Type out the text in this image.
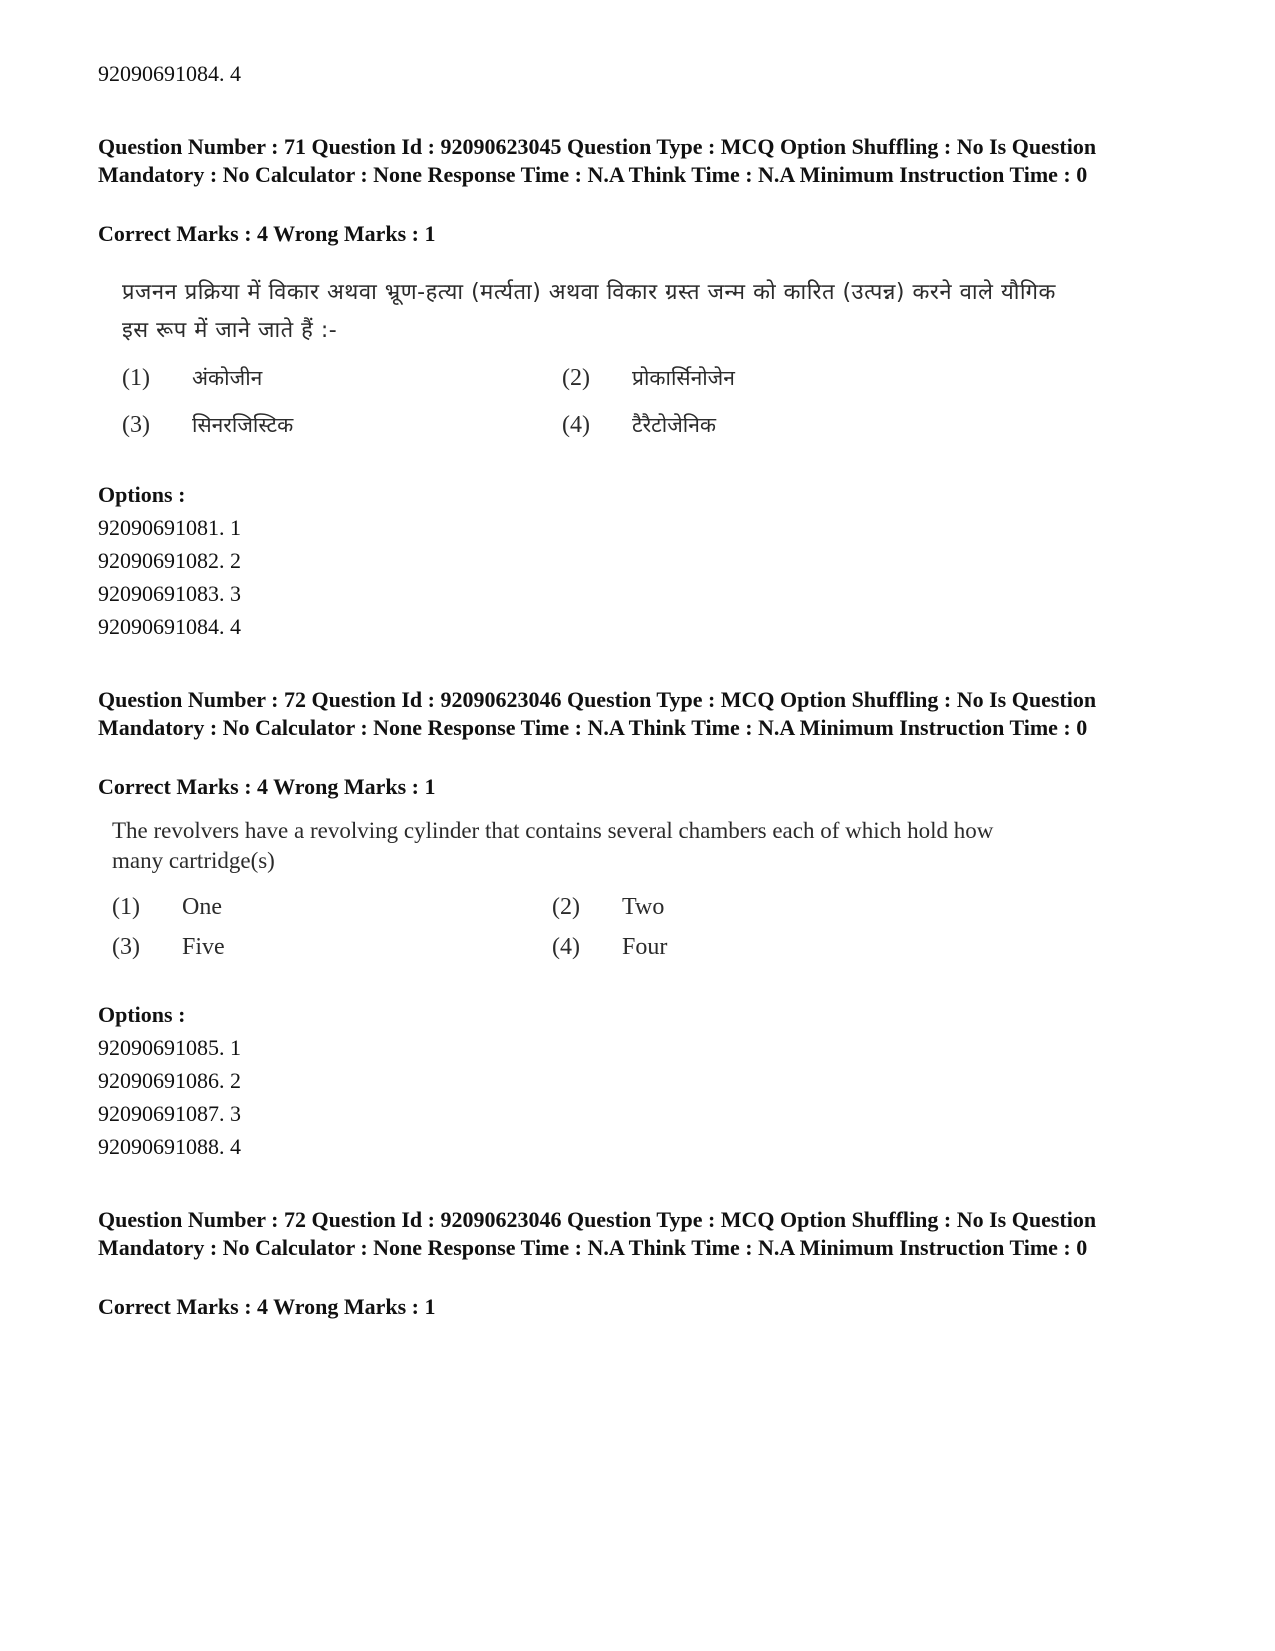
92090691084. 4
Question Number : 71 Question Id : 92090623045 Question Type : MCQ Option Shuffling : No Is Question Mandatory : No Calculator : None Response Time : N.A Think Time : N.A Minimum Instruction Time : 0
Correct Marks : 4 Wrong Marks : 1
प्रजनन प्रक्रिया में विकार अथवा भ्रूण-हत्या (मर्त्यता) अथवा विकार ग्रस्त जन्म को कारित (उत्पन्न) करने वाले यौगिक इस रूप में जाने जाते हैं :-
(1) अंकोजीन	(2) प्रोकार्सिनोजेन
(3) सिनरजिस्टिक	(4) टैरैटोजेनिक
Options :
92090691081. 1
92090691082. 2
92090691083. 3
92090691084. 4
Question Number : 72 Question Id : 92090623046 Question Type : MCQ Option Shuffling : No Is Question Mandatory : No Calculator : None Response Time : N.A Think Time : N.A Minimum Instruction Time : 0
Correct Marks : 4 Wrong Marks : 1
The revolvers have a revolving cylinder that contains several chambers each of which hold how many cartridge(s)
(1) One	(2) Two
(3) Five	(4) Four
Options :
92090691085. 1
92090691086. 2
92090691087. 3
92090691088. 4
Question Number : 72 Question Id : 92090623046 Question Type : MCQ Option Shuffling : No Is Question Mandatory : No Calculator : None Response Time : N.A Think Time : N.A Minimum Instruction Time : 0
Correct Marks : 4 Wrong Marks : 1
